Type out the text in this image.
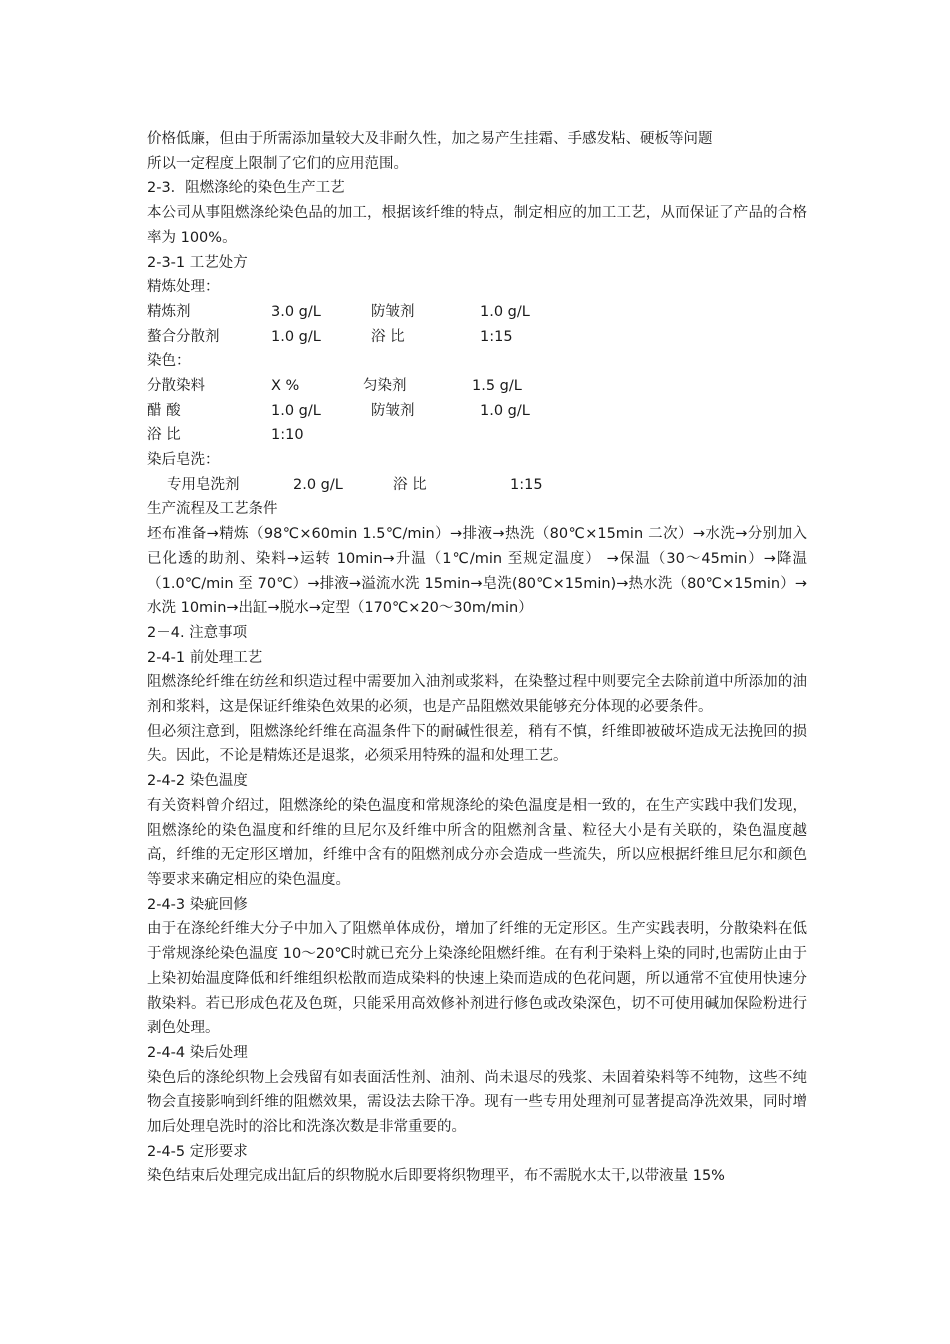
价格低廉，但由于所需添加量较大及非耐久性，加之易产生挂霜、手感发粘、硬板等问题
所以一定程度上限制了它们的应用范围。
2-3．阻燃涤纶的染色生产工艺
本公司从事阻燃涤纶染色品的加工，根据该纤维的特点，制定相应的加工工艺，从而保证了产品的合格率为 100%。
2-3-1 工艺处方
精炼处理：
精炼剂	3.0 g/L	防皱剂	1.0 g/L
螯合分散剂	1.0 g/L	浴 比	1:15
染色：
分散染料	X %	匀染剂	1.5 g/L
醋 酸	1.0 g/L	防皱剂	1.0 g/L
浴 比	1:10
染后皂洗：
专用皂洗剂	2.0 g/L	浴 比	1:15
生产流程及工艺条件
坯布准备→精炼（98℃×60min 1.5℃/min）→排液→热洗（80℃×15min 二次）→水洗→分别加入已化透的助剂、染料→运转 10min→升温（1℃/min 至规定温度） →保温（30～45min）→降温（1.0℃/min 至 70℃）→排液→溢流水洗 15min→皂洗(80℃×15min)→热水洗（80℃×15min）→水洗 10min→出缸→脱水→定型（170℃×20～30m/min）
2－4. 注意事项
2-4-1 前处理工艺
阻燃涤纶纤维在纺丝和织造过程中需要加入油剂或浆料，在染整过程中则要完全去除前道中所添加的油剂和浆料，这是保证纤维染色效果的必须，也是产品阻燃效果能够充分体现的必要条件。
但必须注意到，阻燃涤纶纤维在高温条件下的耐碱性很差，稍有不慎，纤维即被破坏造成无法挽回的损失。因此，不论是精炼还是退浆，必须采用特殊的温和处理工艺。
2-4-2 染色温度
有关资料曾介绍过，阻燃涤纶的染色温度和常规涤纶的染色温度是相一致的，在生产实践中我们发现，阻燃涤纶的染色温度和纤维的旦尼尔及纤维中所含的阻燃剂含量、粒径大小是有关联的，染色温度越高，纤维的无定形区增加，纤维中含有的阻燃剂成分亦会造成一些流失，所以应根据纤维旦尼尔和颜色等要求来确定相应的染色温度。
2-4-3 染疵回修
由于在涤纶纤维大分子中加入了阻燃单体成份，增加了纤维的无定形区。生产实践表明，分散染料在低于常规涤纶染色温度 10～20℃时就已充分上染涤纶阻燃纤维。在有利于染料上染的同时,也需防止由于上染初始温度降低和纤维组织松散而造成染料的快速上染而造成的色花问题，所以通常不宜使用快速分散染料。若已形成色花及色斑，只能采用高效修补剂进行修色或改染深色，切不可使用碱加保险粉进行剥色处理。
2-4-4 染后处理
染色后的涤纶织物上会残留有如表面活性剂、油剂、尚未退尽的残浆、未固着染料等不纯物，这些不纯物会直接影响到纤维的阻燃效果，需设法去除干净。现有一些专用处理剂可显著提高净洗效果，同时增加后处理皂洗时的浴比和洗涤次数是非常重要的。
2-4-5 定形要求
染色结束后处理完成出缸后的织物脱水后即要将织物理平，布不需脱水太干,以带液量 15%
